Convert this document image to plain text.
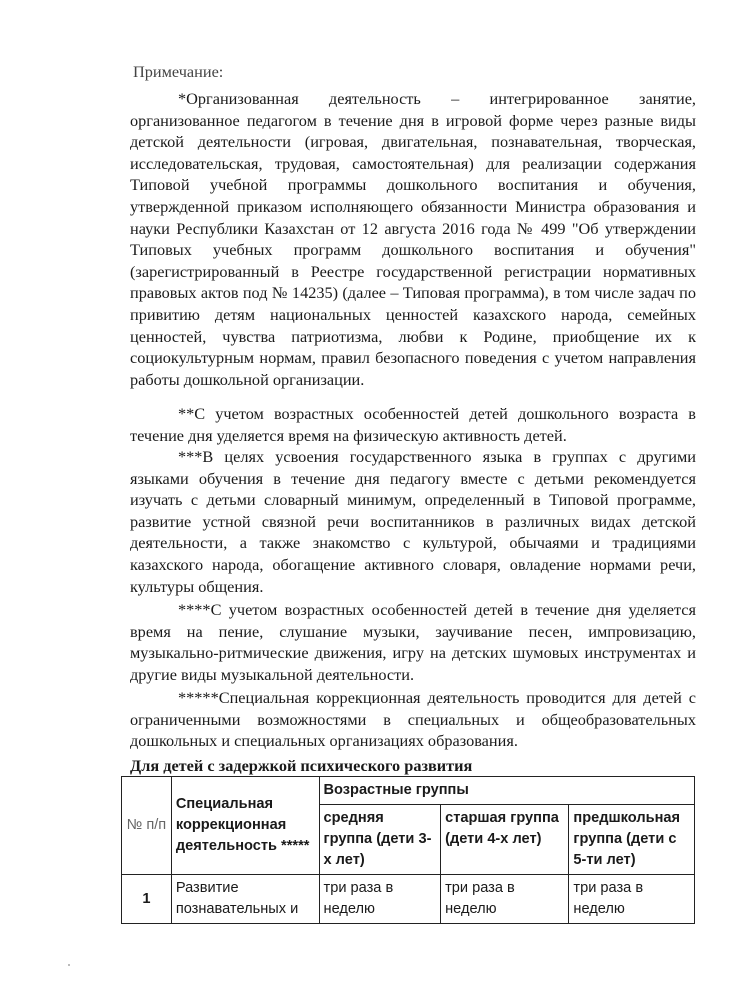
Примечание:

*Организованная деятельность – интегрированное занятие, организованное педагогом в течение дня в игровой форме через разные виды детской деятельности (игровая, двигательная, познавательная, творческая, исследовательская, трудовая, самостоятельная) для реализации содержания Типовой учебной программы дошкольного воспитания и обучения, утвержденной приказом исполняющего обязанности Министра образования и науки Республики Казахстан от 12 августа 2016 года № 499 "Об утверждении Типовых учебных программ дошкольного воспитания и обучения" (зарегистрированный в Реестре государственной регистрации нормативных правовых актов под № 14235) (далее – Типовая программа), в том числе задач по привитию детям национальных ценностей казахского народа, семейных ценностей, чувства патриотизма, любви к Родине, приобщение их к социокультурным нормам, правил безопасного поведения с учетом направления работы дошкольной организации.

**С учетом возрастных особенностей детей дошкольного возраста в течение дня уделяется время на физическую активность детей.

***В целях усвоения государственного языка в группах с другими языками обучения в течение дня педагогу вместе с детьми рекомендуется изучать с детьми словарный минимум, определенный в Типовой программе, развитие устной связной речи воспитанников в различных видах детской деятельности, а также знакомство с культурой, обычаями и традициями казахского народа, обогащение активного словаря, овладение нормами речи, культуры общения.

****С учетом возрастных особенностей детей в течение дня уделяется время на пение, слушание музыки, заучивание песен, импровизацию, музыкально-ритмические движения, игру на детских шумовых инструментах и другие виды музыкальной деятельности.

*****Специальная коррекционная деятельность проводится для детей с ограниченными возможностями в специальных и общеобразовательных дошкольных и специальных организациях образования.

Для детей с задержкой психического развития
№ п/п	Специальная коррекционная деятельность *****	Возрастные группы		
		средняя группа (дети 3-х лет)	старшая группа (дети 4-х лет)	предшкольная группа (дети с 5-ти лет)
1	Развитие познавательных и	три раза в неделю	три раза в неделю	три раза в неделю
